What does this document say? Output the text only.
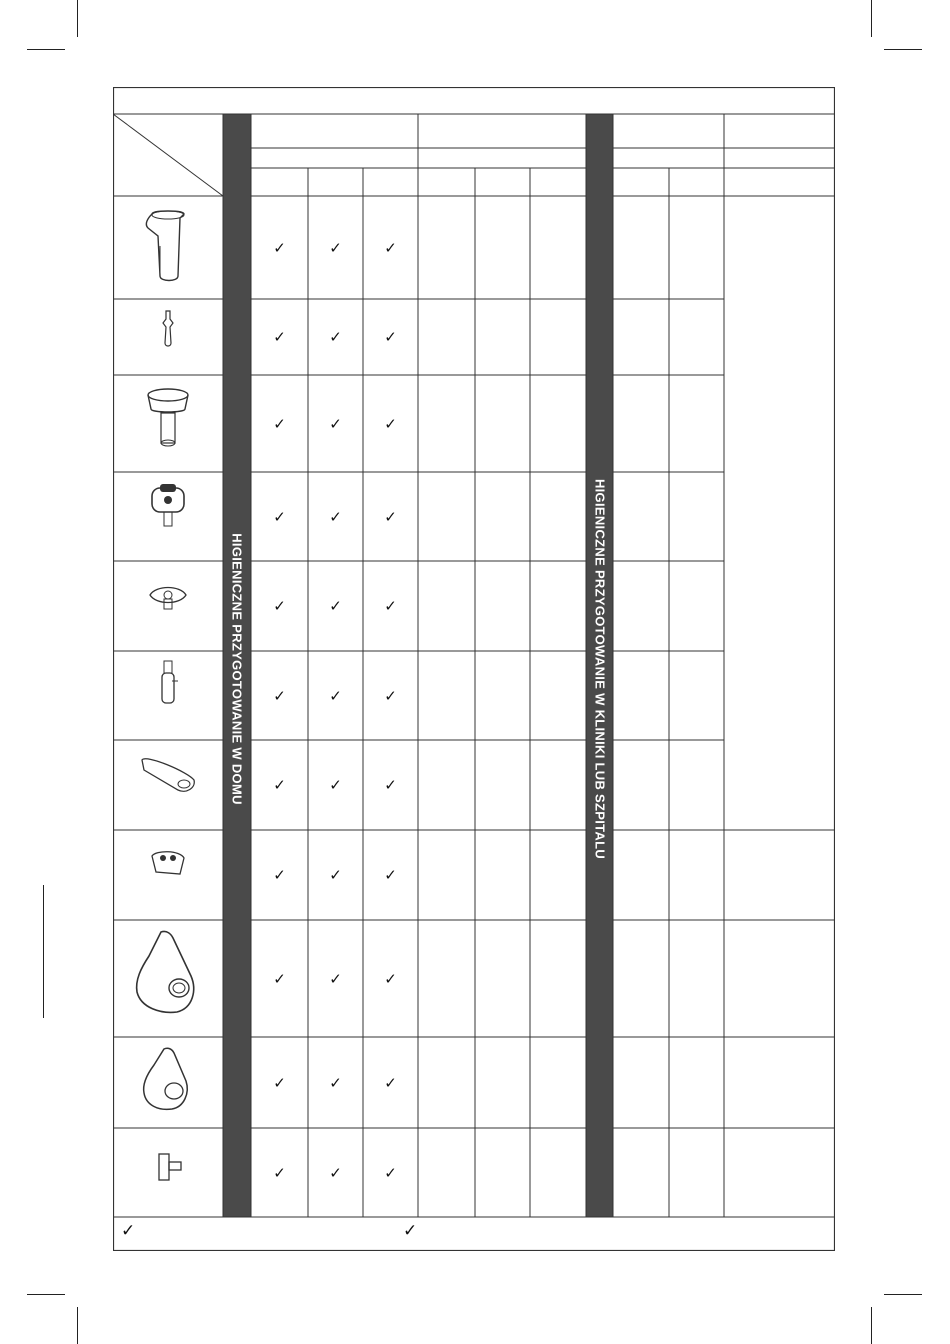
HIGIENICZNE PRZYGOTOWANIE W DOMU	HIGIENICZNE PRZYGOTOWANIE W KLINIKI LUB SZPITALU
✓	✓	✓
✓	✓	✓
✓	✓	✓
✓	✓	✓
✓	✓	✓
✓	✓	✓
✓	✓	✓
✓	✓	✓
✓	✓	✓
✓	✓	✓
✓	✓	✓
✓	✓
